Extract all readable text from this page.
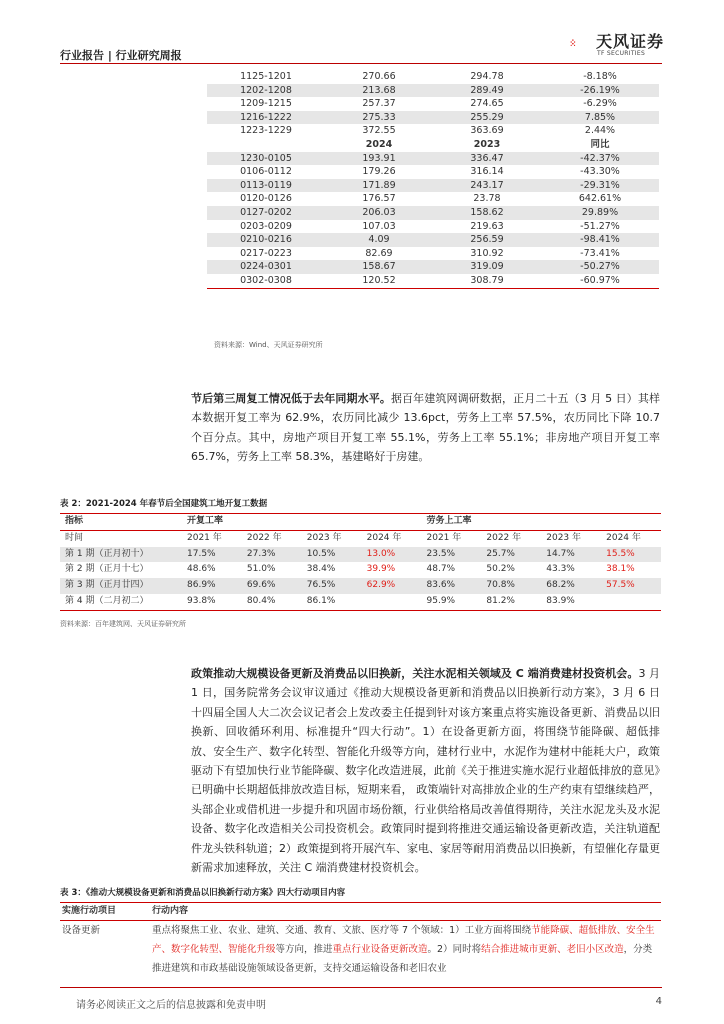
行业报告 | 行业研究周报
天风证券
TF SECURITIES
1125-1201	270.66	294.78	-8.18%
1202-1208	213.68	289.49	-26.19%
1209-1215	257.37	274.65	-6.29%
1216-1222	275.33	255.29	7.85%
1223-1229	372.55	363.69	2.44%
	2024	2023	同比
1230-0105	193.91	336.47	-42.37%
0106-0112	179.26	316.14	-43.30%
0113-0119	171.89	243.17	-29.31%
0120-0126	176.57	23.78	642.61%
0127-0202	206.03	158.62	29.89%
0203-0209	107.03	219.63	-51.27%
0210-0216	4.09	256.59	-98.41%
0217-0223	82.69	310.92	-73.41%
0224-0301	158.67	319.09	-50.27%
0302-0308	120.52	308.79	-60.97%
资料来源：Wind、天风证券研究所
节后第三周复工情况低于去年同期水平。据百年建筑网调研数据，正月二十五（3 月 5 日）其样本数据开复工率为 62.9%，农历同比减少 13.6pct，劳务上工率 57.5%，农历同比下降 10.7 个百分点。其中，房地产项目开复工率 55.1%，劳务上工率 55.1%；非房地产项目开复工率 65.7%，劳务上工率 58.3%，基建略好于房建。
表 2：2021-2024 年春节后全国建筑工地开复工数据
指标	开复工率				劳务上工率			
时间	2021 年	2022 年	2023 年	2024 年	2021 年	2022 年	2023 年	2024 年
第 1 期（正月初十）	17.5%	27.3%	10.5%	13.0%	23.5%	25.7%	14.7%	15.5%
第 2 期（正月十七）	48.6%	51.0%	38.4%	39.9%	48.7%	50.2%	43.3%	38.1%
第 3 期（正月廿四）	86.9%	69.6%	76.5%	62.9%	83.6%	70.8%	68.2%	57.5%
第 4 期（二月初二）	93.8%	80.4%	86.1%		95.9%	81.2%	83.9%	
资料来源：百年建筑网、天风证券研究所
政策推动大规模设备更新及消费品以旧换新，关注水泥相关领域及 C 端消费建材投资机会。3 月 1 日，国务院常务会议审议通过《推动大规模设备更新和消费品以旧换新行动方案》，3 月 6 日十四届全国人大二次会议记者会上发改委主任提到针对该方案重点将实施设备更新、消费品以旧换新、回收循环利用、标准提升“四大行动”。1）在设备更新方面，将围绕节能降碳、超低排放、安全生产、数字化转型、智能化升级等方向，建材行业中，水泥作为建材中能耗大户，政策驱动下有望加快行业节能降碳、数字化改造进展，此前《关于推进实施水泥行业超低排放的意见》已明确中长期超低排放改造目标，短期来看， 政策端针对高排放企业的生产约束有望继续趋严，头部企业或借机进一步提升和巩固市场份额，行业供给格局改善值得期待，关注水泥龙头及水泥设备、数字化改造相关公司投资机会。政策同时提到将推进交通运输设备更新改造，关注轨道配件龙头铁科轨道；2）政策提到将开展汽车、家电、家居等耐用消费品以旧换新，有望催化存量更新需求加速释放，关注 C 端消费建材投资机会。
表 3：《推动大规模设备更新和消费品以旧换新行动方案》四大行动项目内容
实施行动项目	行动内容
设备更新	重点将聚焦工业、农业、建筑、交通、教育、文旅、医疗等 7 个领域：1）工业方面将围绕节能降碳、超低排放、安全生产、数字化转型、智能化升级等方向，推进重点行业设备更新改造。2）同时将结合推进城市更新、老旧小区改造，分类推进建筑和市政基础设施领域设备更新，支持交通运输设备和老旧农业
请务必阅读正文之后的信息披露和免责申明	4
